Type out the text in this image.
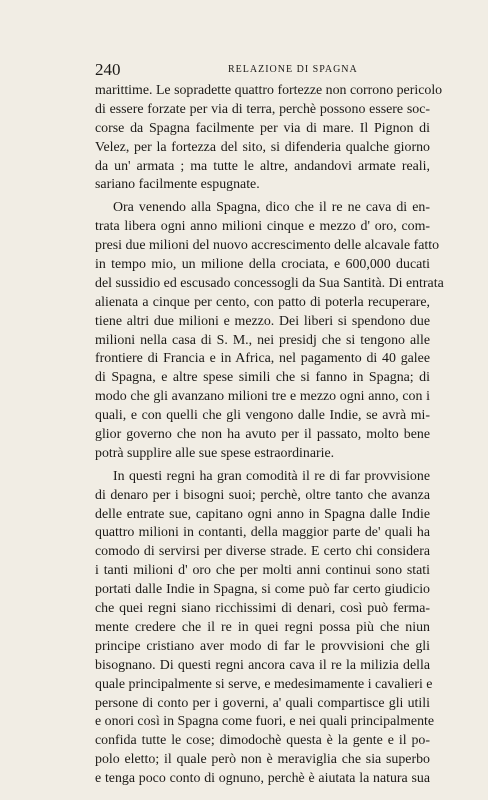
240	RELAZIONE DI SPAGNA
marittime. Le sopradette quattro fortezze non corrono pericolo
di essere forzate per via di terra, perchè possono essere soc-
corse da Spagna facilmente per via di mare. Il Pignon di
Velez, per la fortezza del sito, si difenderia qualche giorno
da un' armata ; ma tutte le altre, andandovi armate reali,
sariano facilmente espugnate.
Ora venendo alla Spagna, dico che il re ne cava di en-
trata libera ogni anno milioni cinque e mezzo d' oro, com-
presi due milioni del nuovo accrescimento delle alcavale fatto
in tempo mio, un milione della crociata, e 600,000 ducati
del sussidio ed escusado concessogli da Sua Santità. Di entrata
alienata a cinque per cento, con patto di poterla recuperare,
tiene altri due milioni e mezzo. Dei liberi si spendono due
milioni nella casa di S. M., nei presidj che si tengono alle
frontiere di Francia e in Africa, nel pagamento di 40 galee
di Spagna, e altre spese simili che si fanno in Spagna; di
modo che gli avanzano milioni tre e mezzo ogni anno, con i
quali, e con quelli che gli vengono dalle Indie, se avrà mi-
glior governo che non ha avuto per il passato, molto bene
potrà supplire alle sue spese estraordinarie.
In questi regni ha gran comodità il re di far provvisione
di denaro per i bisogni suoi; perchè, oltre tanto che avanza
delle entrate sue, capitano ogni anno in Spagna dalle Indie
quattro milioni in contanti, della maggior parte de' quali ha
comodo di servirsi per diverse strade. E certo chi considera
i tanti milioni d' oro che per molti anni continui sono stati
portati dalle Indie in Spagna, si come può far certo giudicio
che quei regni siano ricchissimi di denari, così può ferma-
mente credere che il re in quei regni possa più che niun
principe cristiano aver modo di far le provvisioni che gli
bisognano. Di questi regni ancora cava il re la milizia della
quale principalmente si serve, e medesimamente i cavalieri e
persone di conto per i governi, a' quali compartisce gli utili
e onori così in Spagna come fuori, e nei quali principalmente
confida tutte le cose; dimodochè questa è la gente e il po-
polo eletto; il quale però non è meraviglia che sia superbo
e tenga poco conto di ognuno, perchè è aiutata la natura sua
